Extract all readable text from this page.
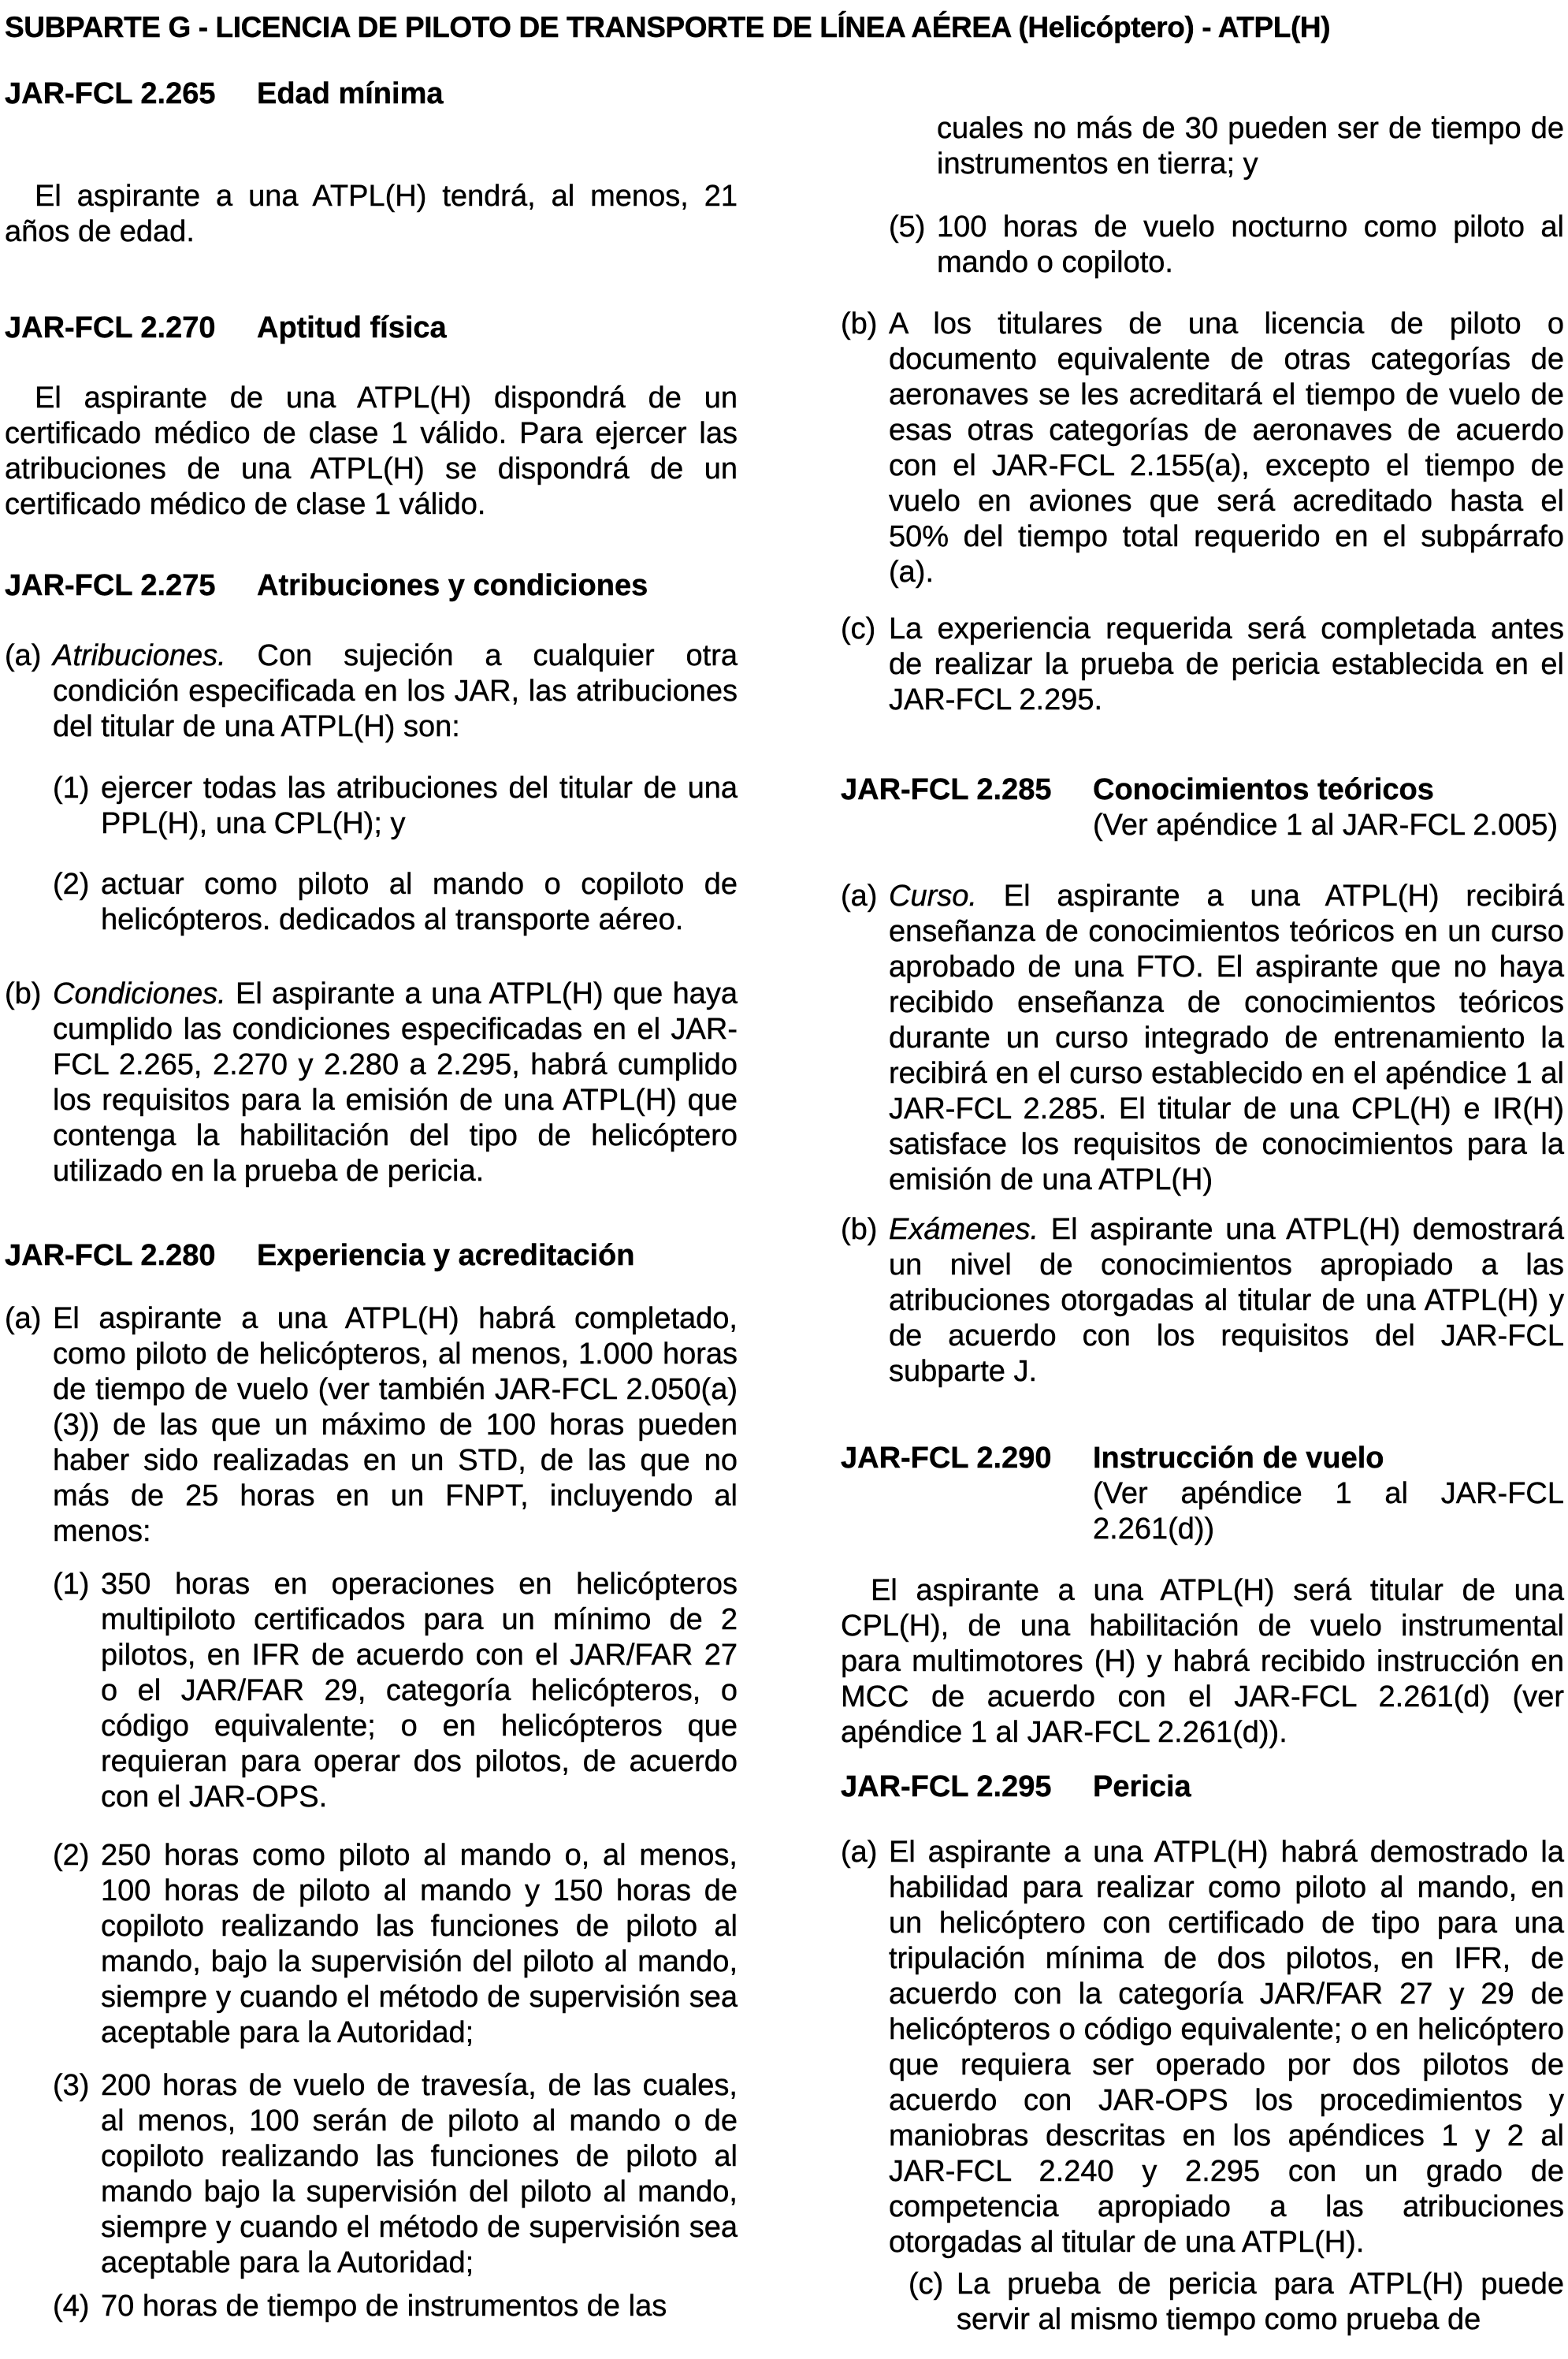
SUBPARTE G - LICENCIA DE PILOTO DE TRANSPORTE DE LÍNEA AÉREA (Helicóptero) - ATPL(H)
JAR-FCL 2.265 Edad mínima

El aspirante a una ATPL(H) tendrá, al menos, 21 años de edad.

JAR-FCL 2.270 Aptitud física

El aspirante de una ATPL(H) dispondrá de un certificado médico de clase 1 válido. Para ejercer las atribuciones de una ATPL(H) se dispondrá de un certificado médico de clase 1 válido.

JAR-FCL 2.275 Atribuciones y condiciones
(a) Atribuciones. Con sujeción a cualquier otra condición especificada en los JAR, las atribuciones del titular de una ATPL(H) son:
(1) ejercer todas las atribuciones del titular de una PPL(H), una CPL(H); y
(2) actuar como piloto al mando o copiloto de helicópteros. dedicados al transporte aéreo.
(b) Condiciones. El aspirante a una ATPL(H) que haya cumplido las condiciones especificadas en el JAR-FCL 2.265, 2.270 y 2.280 a 2.295, habrá cumplido los requisitos para la emisión de una ATPL(H) que contenga la habilitación del tipo de helicóptero utilizado en la prueba de pericia.
JAR-FCL 2.280 Experiencia y acreditación
(a) El aspirante a una ATPL(H) habrá completado, como piloto de helicópteros, al menos, 1.000 horas de tiempo de vuelo (ver también JAR-FCL 2.050(a)(3)) de las que un máximo de 100 horas pueden haber sido realizadas en un STD, de las que no más de 25 horas en un FNPT, incluyendo al menos:
(1) 350 horas en operaciones en helicópteros multipiloto certificados para un mínimo de 2 pilotos, en IFR de acuerdo con el JAR/FAR 27 o el JAR/FAR 29, categoría helicópteros, o código equivalente; o en helicópteros que requieran para operar dos pilotos, de acuerdo con el JAR-OPS.
(2) 250 horas como piloto al mando o, al menos, 100 horas de piloto al mando y 150 horas de copiloto realizando las funciones de piloto al mando, bajo la supervisión del piloto al mando, siempre y cuando el método de supervisión sea aceptable para la Autoridad;
(3) 200 horas de vuelo de travesía, de las cuales, al menos, 100 serán de piloto al mando o de copiloto realizando las funciones de piloto al mando bajo la supervisión del piloto al mando, siempre y cuando el método de supervisión sea aceptable para la Autoridad;
(4) 70 horas de tiempo de instrumentos de las

cuales no más de 30 pueden ser de tiempo de instrumentos en tierra; y

(5) 100 horas de vuelo nocturno como piloto al mando o copiloto.
(b) A los titulares de una licencia de piloto o documento equivalente de otras categorías de aeronaves se les acreditará el tiempo de vuelo de esas otras categorías de aeronaves de acuerdo con el JAR-FCL 2.155(a), excepto el tiempo de vuelo en aviones que será acreditado hasta el 50% del tiempo total requerido en el subpárrafo (a).
(c) La experiencia requerida será completada antes de realizar la prueba de pericia establecida en el JAR-FCL 2.295.
JAR-FCL 2.285 Conocimientos teóricos
(Ver apéndice 1 al JAR-FCL 2.005)
(a) Curso. El aspirante a una ATPL(H) recibirá enseñanza de conocimientos teóricos en un curso aprobado de una FTO. El aspirante que no haya recibido enseñanza de conocimientos teóricos durante un curso integrado de entrenamiento la recibirá en el curso establecido en el apéndice 1 al JAR-FCL 2.285. El titular de una CPL(H) e IR(H) satisface los requisitos de conocimientos para la emisión de una ATPL(H)
(b) Exámenes. El aspirante una ATPL(H) demostrará un nivel de conocimientos apropiado a las atribuciones otorgadas al titular de una ATPL(H) y de acuerdo con los requisitos del JAR-FCL subparte J.
JAR-FCL 2.290 Instrucción de vuelo
(Ver apéndice 1 al JAR-FCL 2.261(d))

El aspirante a una ATPL(H) será titular de una CPL(H), de una habilitación de vuelo instrumental para multimotores (H) y habrá recibido instrucción en MCC de acuerdo con el JAR-FCL 2.261(d) (ver apéndice 1 al JAR-FCL 2.261(d)).

JAR-FCL 2.295 Pericia
(a) El aspirante a una ATPL(H) habrá demostrado la habilidad para realizar como piloto al mando, en un helicóptero con certificado de tipo para una tripulación mínima de dos pilotos, en IFR, de acuerdo con la categoría JAR/FAR 27 y 29 de helicópteros o código equivalente; o en helicóptero que requiera ser operado por dos pilotos de acuerdo con JAR-OPS los procedimientos y maniobras descritas en los apéndices 1 y 2 al JAR-FCL 2.240 y 2.295 con un grado de competencia apropiado a las atribuciones otorgadas al titular de una ATPL(H).
(c) La prueba de pericia para ATPL(H) puede servir al mismo tiempo como prueba de
